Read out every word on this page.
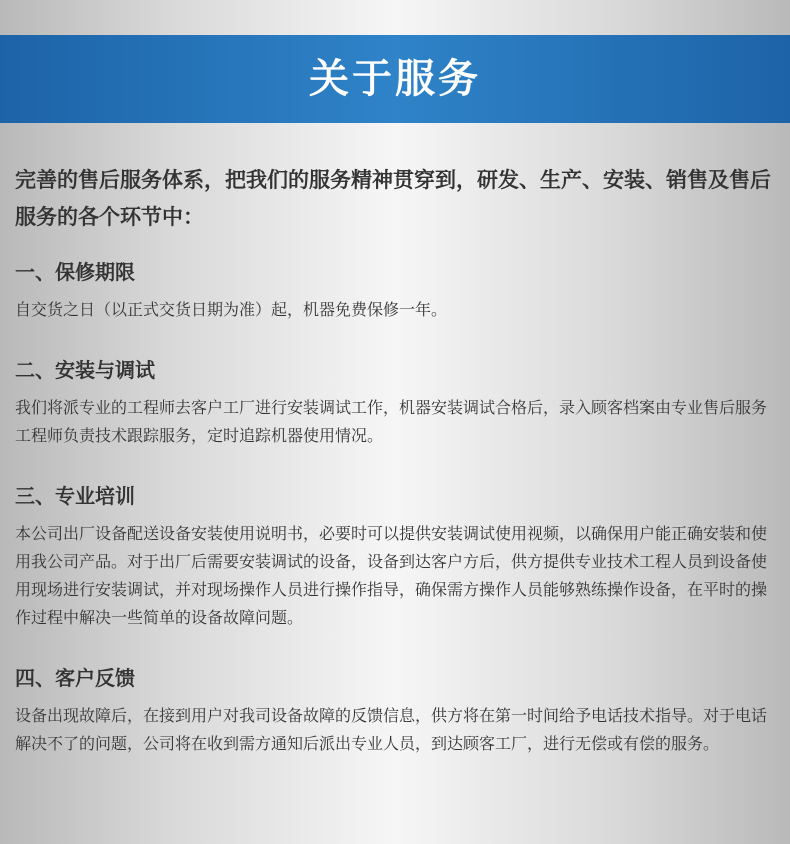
关于服务

完善的售后服务体系，把我们的服务精神贯穿到，研发、生产、安装、销售及售后服务的各个环节中：

一、保修期限

自交货之日（以正式交货日期为准）起，机器免费保修一年。

二、安装与调试

我们将派专业的工程师去客户工厂进行安装调试工作，机器安装调试合格后，录入顾客档案由专业售后服务工程师负责技术跟踪服务，定时追踪机器使用情况。

三、专业培训

本公司出厂设备配送设备安装使用说明书，必要时可以提供安装调试使用视频，以确保用户能正确安装和使用我公司产品。对于出厂后需要安装调试的设备，设备到达客户方后，供方提供专业技术工程人员到设备使用现场进行安装调试，并对现场操作人员进行操作指导，确保需方操作人员能够熟练操作设备，在平时的操作过程中解决一些简单的设备故障问题。

四、客户反馈

设备出现故障后，在接到用户对我司设备故障的反馈信息，供方将在第一时间给予电话技术指导。对于电话解决不了的问题，公司将在收到需方通知后派出专业人员，到达顾客工厂，进行无偿或有偿的服务。
